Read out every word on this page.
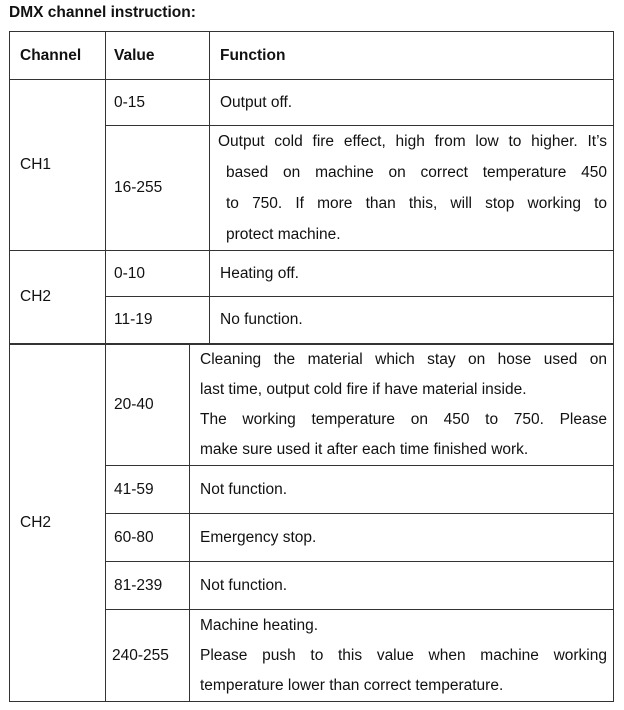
DMX channel instruction:
Channel	Value	Function
CH1	0-15	Output off.
	16-255	Output cold fire effect, high from low to higher. It’s
based on machine on correct temperature 450
to 750. If more than this, will stop working to
protect machine.

CH2	0-10	Heating off.
	11-19	No function.
CH2	20-40	Cleaning the material which stay on hose used on
last time, output cold fire if have material inside.
The working temperature on 450 to 750. Please
make sure used it after each time finished work.

	41-59	Not function.
	60-80	Emergency stop.
	81-239	Not function.
	240-255	Machine heating.
Please push to this value when machine working
temperature lower than correct temperature.
